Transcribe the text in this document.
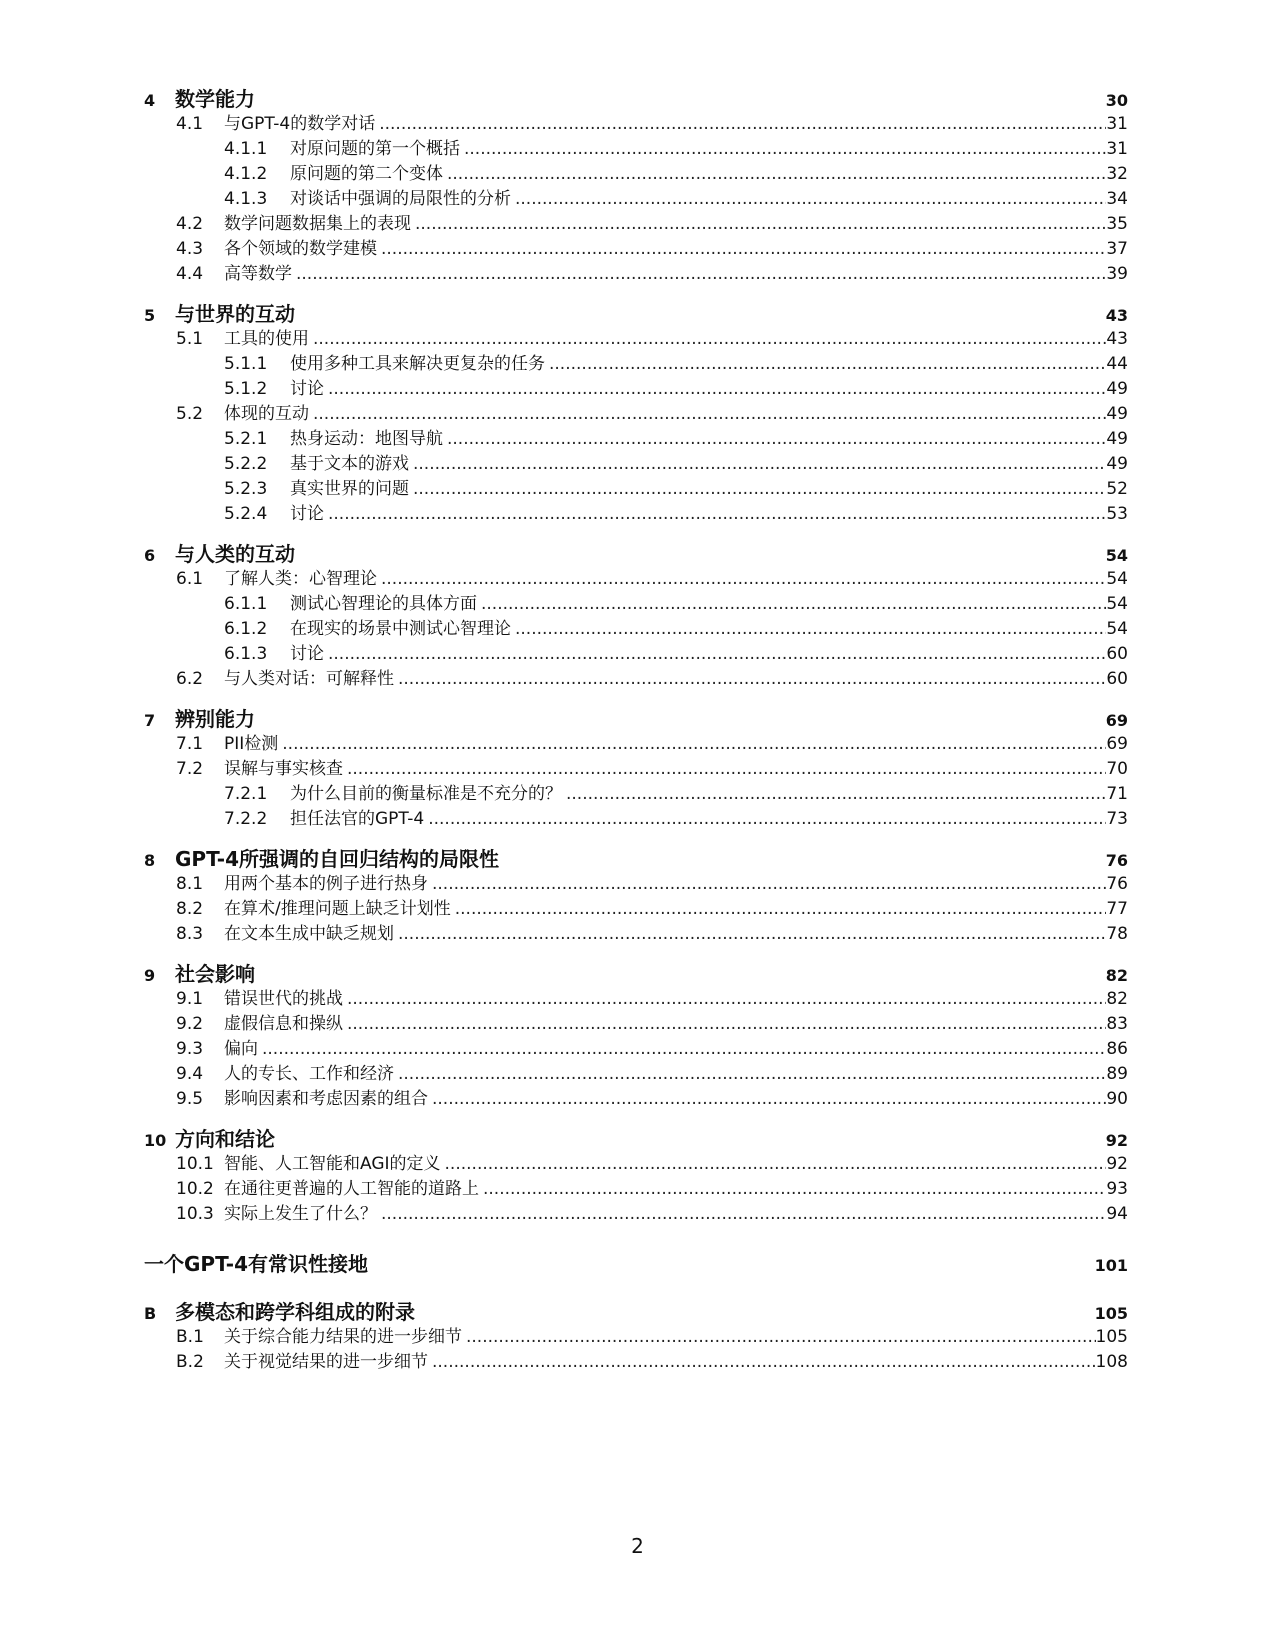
4 数学能力	30
4.1	与GPT-4的数学对话 .....	31
4.1.1	对原问题的第一个概括 .....	31
4.1.2	原问题的第二个变体 .....	32
4.1.3	对谈话中强调的局限性的分析 .....	34
4.2	数学问题数据集上的表现 .....	35
4.3	各个领域的数学建模 .....	37
4.4	高等数学 .....	39
5 与世界的互动	43
5.1	工具的使用 .....	43
5.1.1	使用多种工具来解决更复杂的任务 .....	44
5.1.2	讨论 .....	49
5.2	体现的互动 .....	49
5.2.1	热身运动：地图导航 .....	49
5.2.2	基于文本的游戏 .....	49
5.2.3	真实世界的问题 .....	52
5.2.4	讨论 .....	53
6 与人类的互动	54
6.1	了解人类：心智理论 .....	54
6.1.1	测试心智理论的具体方面 .....	54
6.1.2	在现实的场景中测试心智理论 .....	54
6.1.3	讨论 .....	60
6.2	与人类对话：可解释性 .....	60
7 辨别能力	69
7.1	PII检测 .....	69
7.2	误解与事实核查 .....	70
7.2.1	为什么目前的衡量标准是不充分的？ .....	71
7.2.2	担任法官的GPT-4 .....	73
8 GPT-4所强调的自回归结构的局限性	76
8.1	用两个基本的例子进行热身 .....	76
8.2	在算术/推理问题上缺乏计划性 .....	77
8.3	在文本生成中缺乏规划 .....	78
9 社会影响	82
9.1	错误世代的挑战 .....	82
9.2	虚假信息和操纵 .....	83
9.3	偏向 .....	86
9.4	人的专长、工作和经济 .....	89
9.5	影响因素和考虑因素的组合 .....	90
10 方向和结论	92
10.1 智能、人工智能和AGI的定义 .....	92
10.2 在通往更普遍的人工智能的道路上 .....	93
10.3 实际上发生了什么？ .....	94
一个GPT-4有常识性接地	101
B 多模态和跨学科组成的附录	105
B.1	关于综合能力结果的进一步细节 .....	105
B.2	关于视觉结果的进一步细节 .....	108
2
